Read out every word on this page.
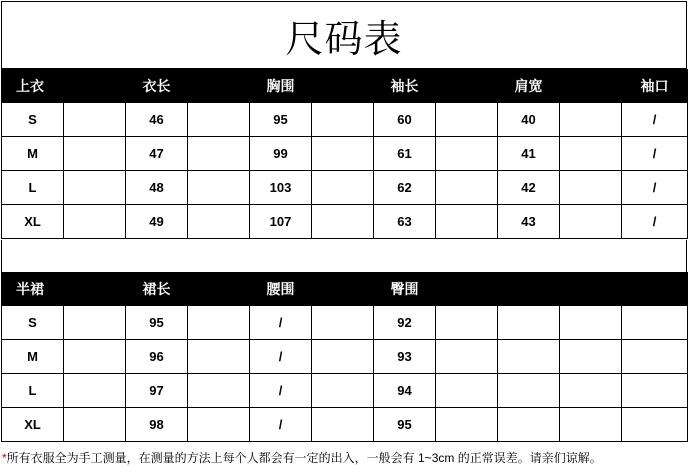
尺码表
上衣		衣长		胸围		袖长		肩宽		袖口
S		46		95		60		40		/
M		47		99		61		41		/
L		48		103		62		42		/
XL		49		107		63		43		/
半裙		裙长		腰围		臀围				
S		95		/		92				
M		96		/		93				
L		97		/		94				
XL		98		/		95				
*所有衣服全为手工测量，在测量的方法上每个人都会有一定的出入，一般会有 1~3cm 的正常误差。请亲们谅解。
